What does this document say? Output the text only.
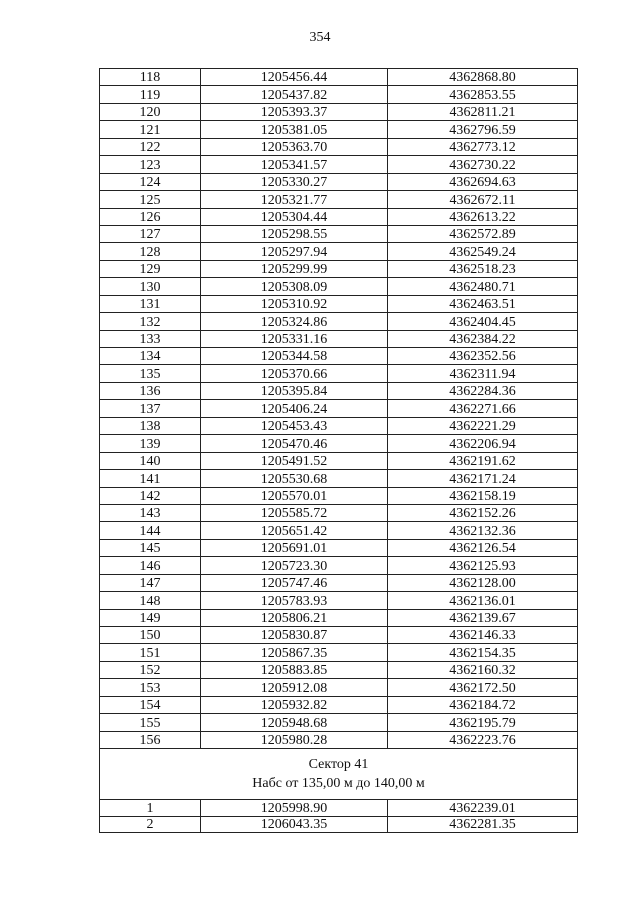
354
118	1205456.44	4362868.80
119	1205437.82	4362853.55
120	1205393.37	4362811.21
121	1205381.05	4362796.59
122	1205363.70	4362773.12
123	1205341.57	4362730.22
124	1205330.27	4362694.63
125	1205321.77	4362672.11
126	1205304.44	4362613.22
127	1205298.55	4362572.89
128	1205297.94	4362549.24
129	1205299.99	4362518.23
130	1205308.09	4362480.71
131	1205310.92	4362463.51
132	1205324.86	4362404.45
133	1205331.16	4362384.22
134	1205344.58	4362352.56
135	1205370.66	4362311.94
136	1205395.84	4362284.36
137	1205406.24	4362271.66
138	1205453.43	4362221.29
139	1205470.46	4362206.94
140	1205491.52	4362191.62
141	1205530.68	4362171.24
142	1205570.01	4362158.19
143	1205585.72	4362152.26
144	1205651.42	4362132.36
145	1205691.01	4362126.54
146	1205723.30	4362125.93
147	1205747.46	4362128.00
148	1205783.93	4362136.01
149	1205806.21	4362139.67
150	1205830.87	4362146.33
151	1205867.35	4362154.35
152	1205883.85	4362160.32
153	1205912.08	4362172.50
154	1205932.82	4362184.72
155	1205948.68	4362195.79
156	1205980.28	4362223.76

Сектор 41
Набс от 135,00 м до 140,00 м		

1	1205998.90	4362239.01
2	1206043.35	4362281.35
